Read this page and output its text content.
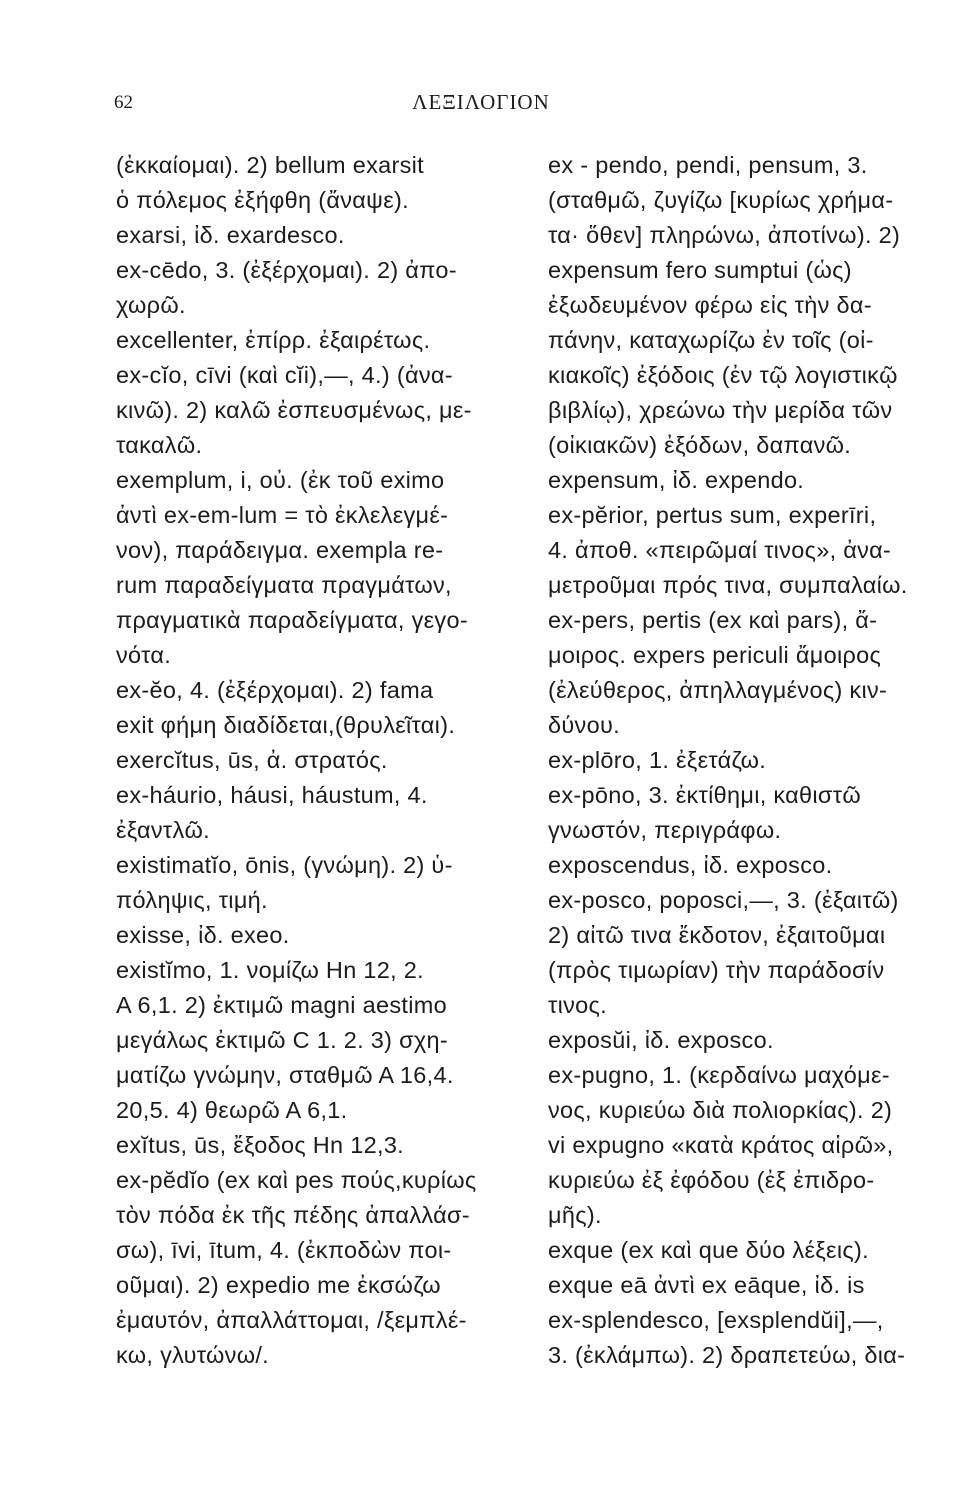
62	ΛΕΞΙΛΟΓΙΟΝ
(ἐκκαίομαι). 2) bellum exarsit
ὁ πόλεμος ἐξήφθη (ἄναψε).
exarsi, ἰδ. exardesco.
ex-cēdo, 3. (ἐξέρχομαι). 2) ἀπο-
χωρῶ.
excellenter, ἐπίρρ. ἐξαιρέτως.
ex-cĭo, cīvi (καὶ cĭi),—, 4.) (ἀνα-
κινῶ). 2) καλῶ ἐσπευσμένως, με-
τακαλῶ.
exemplum, i, οὐ. (ἐκ τοῦ eximo
ἀντὶ ex-em-lum = τὸ ἐκλελεγμέ-
νον), παράδειγμα. exempla re-
rum παραδείγματα πραγμάτων,
πραγματικὰ παραδείγματα, γεγο-
νότα.
ex-ĕo, 4. (ἐξέρχομαι). 2) fama
exit φήμη διαδίδεται,(θρυλεῖται).
exercĭtus, ūs, ἀ. στρατός.
ex-háurio, háusi, háustum, 4.
ἐξαντλῶ.
existimatĭo, ōnis, (γνώμη). 2) ὑ-
πόληψις, τιμή.
exisse, ἰδ. exeo.
existĭmo, 1. νομίζω Hn 12, 2.
Α 6,1. 2) ἐκτιμῶ magni aestimo
μεγάλως ἐκτιμῶ C 1. 2. 3) σχη-
ματίζω γνώμην, σταθμῶ Α 16,4.
20,5. 4) θεωρῶ Α 6,1.
exĭtus, ūs, ἔξοδος Hn 12,3.
ex-pĕdĭo (ex καὶ pes πούς,κυρίως
τὸν πόδα ἐκ τῆς πέδης ἀπαλλάσ-
σω), īvi, ītum, 4. (ἐκποδὼν ποι-
οῦμαι). 2) expedio me ἐκσώζω
ἐμαυτόν, ἀπαλλάττομαι, /ξεμπλέ-
κω, γλυτώνω/.
ex - pendo, pendi, pensum, 3.
(σταθμῶ, ζυγίζω [κυρίως χρήμα-
τα· ὅθεν] πληρώνω, ἀποτίνω). 2)
expensum fero sumptui (ὡς)
ἐξωδευμένον φέρω εἰς τὴν δα-
πάνην, καταχωρίζω ἐν τοῖς (οἰ-
κιακοῖς) ἐξόδοις (ἐν τῷ λογιστικῷ
βιβλίῳ), χρεώνω τὴν μερίδα τῶν
(οἰκιακῶν) ἐξόδων, δαπανῶ.
expensum, ἰδ. expendo.
ex-pĕrior, pertus sum, experīri,
4. ἀποθ. «πειρῶμαί τινος», ἀνα-
μετροῦμαι πρός τινα, συμπαλαίω.
ex-pers, pertis (ex καὶ pars), ἄ-
μοιρος. expers periculi ἄμοιρος
(ἐλεύθερος, ἀπηλλαγμένος) κιν-
δύνου.
ex-plōro, 1. ἐξετάζω.
ex-pōno, 3. ἐκτίθημι, καθιστῶ
γνωστόν, περιγράφω.
exposcendus, ἰδ. exposco.
ex-posco, poposci,—, 3. (ἐξαιτῶ)
2) αἰτῶ τινα ἔκδοτον, ἐξαιτοῦμαι
(πρὸς τιμωρίαν) τὴν παράδοσίν
τινος.
exposŭi, ἰδ. exposco.
ex-pugno, 1. (κερδαίνω μαχόμε-
νος, κυριεύω διὰ πολιορκίας). 2)
vi expugno «κατὰ κράτος αἱρῶ»,
κυριεύω ἐξ ἐφόδου (ἐξ ἐπιδρο-
μῆς).
exque (ex καὶ que δύο λέξεις).
exque eā ἀντὶ ex eāque, ἰδ. is
ex-splendesco, [exsplendŭi],—,
3. (ἐκλάμπω). 2) δραπετεύω, δια-
